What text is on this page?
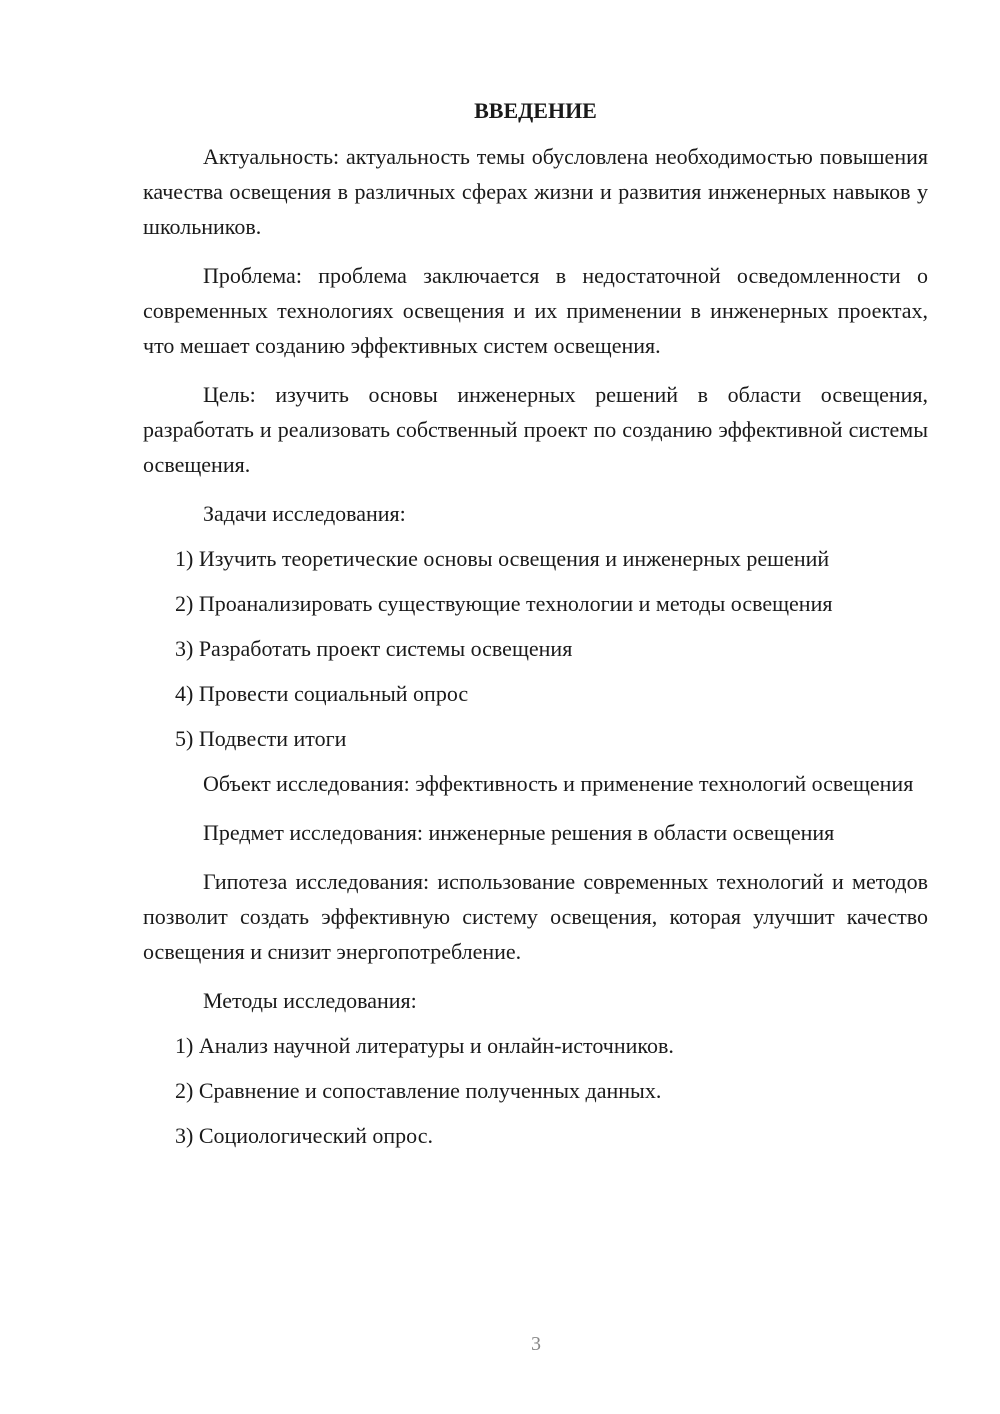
ВВЕДЕНИЕ

Актуальность: актуальность темы обусловлена необходимостью повышения качества освещения в различных сферах жизни и развития инженерных навыков у школьников.

Проблема: проблема заключается в недостаточной осведомленности о современных технологиях освещения и их применении в инженерных проектах, что мешает созданию эффективных систем освещения.

Цель: изучить основы инженерных решений в области освещения, разработать и реализовать собственный проект по созданию эффективной системы освещения.

Задачи исследования:

1) Изучить теоретические основы освещения и инженерных решений
2) Проанализировать существующие технологии и методы освещения
3) Разработать проект системы освещения
4) Провести социальный опрос
5) Подвести итоги

Объект исследования: эффективность и применение технологий освещения

Предмет исследования: инженерные решения в области освещения

Гипотеза исследования: использование современных технологий и методов позволит создать эффективную систему освещения, которая улучшит качество освещения и снизит энергопотребление.

Методы исследования:

1) Анализ научной литературы и онлайн-источников.
2) Сравнение и сопоставление полученных данных.
3) Социологический опрос.
3
